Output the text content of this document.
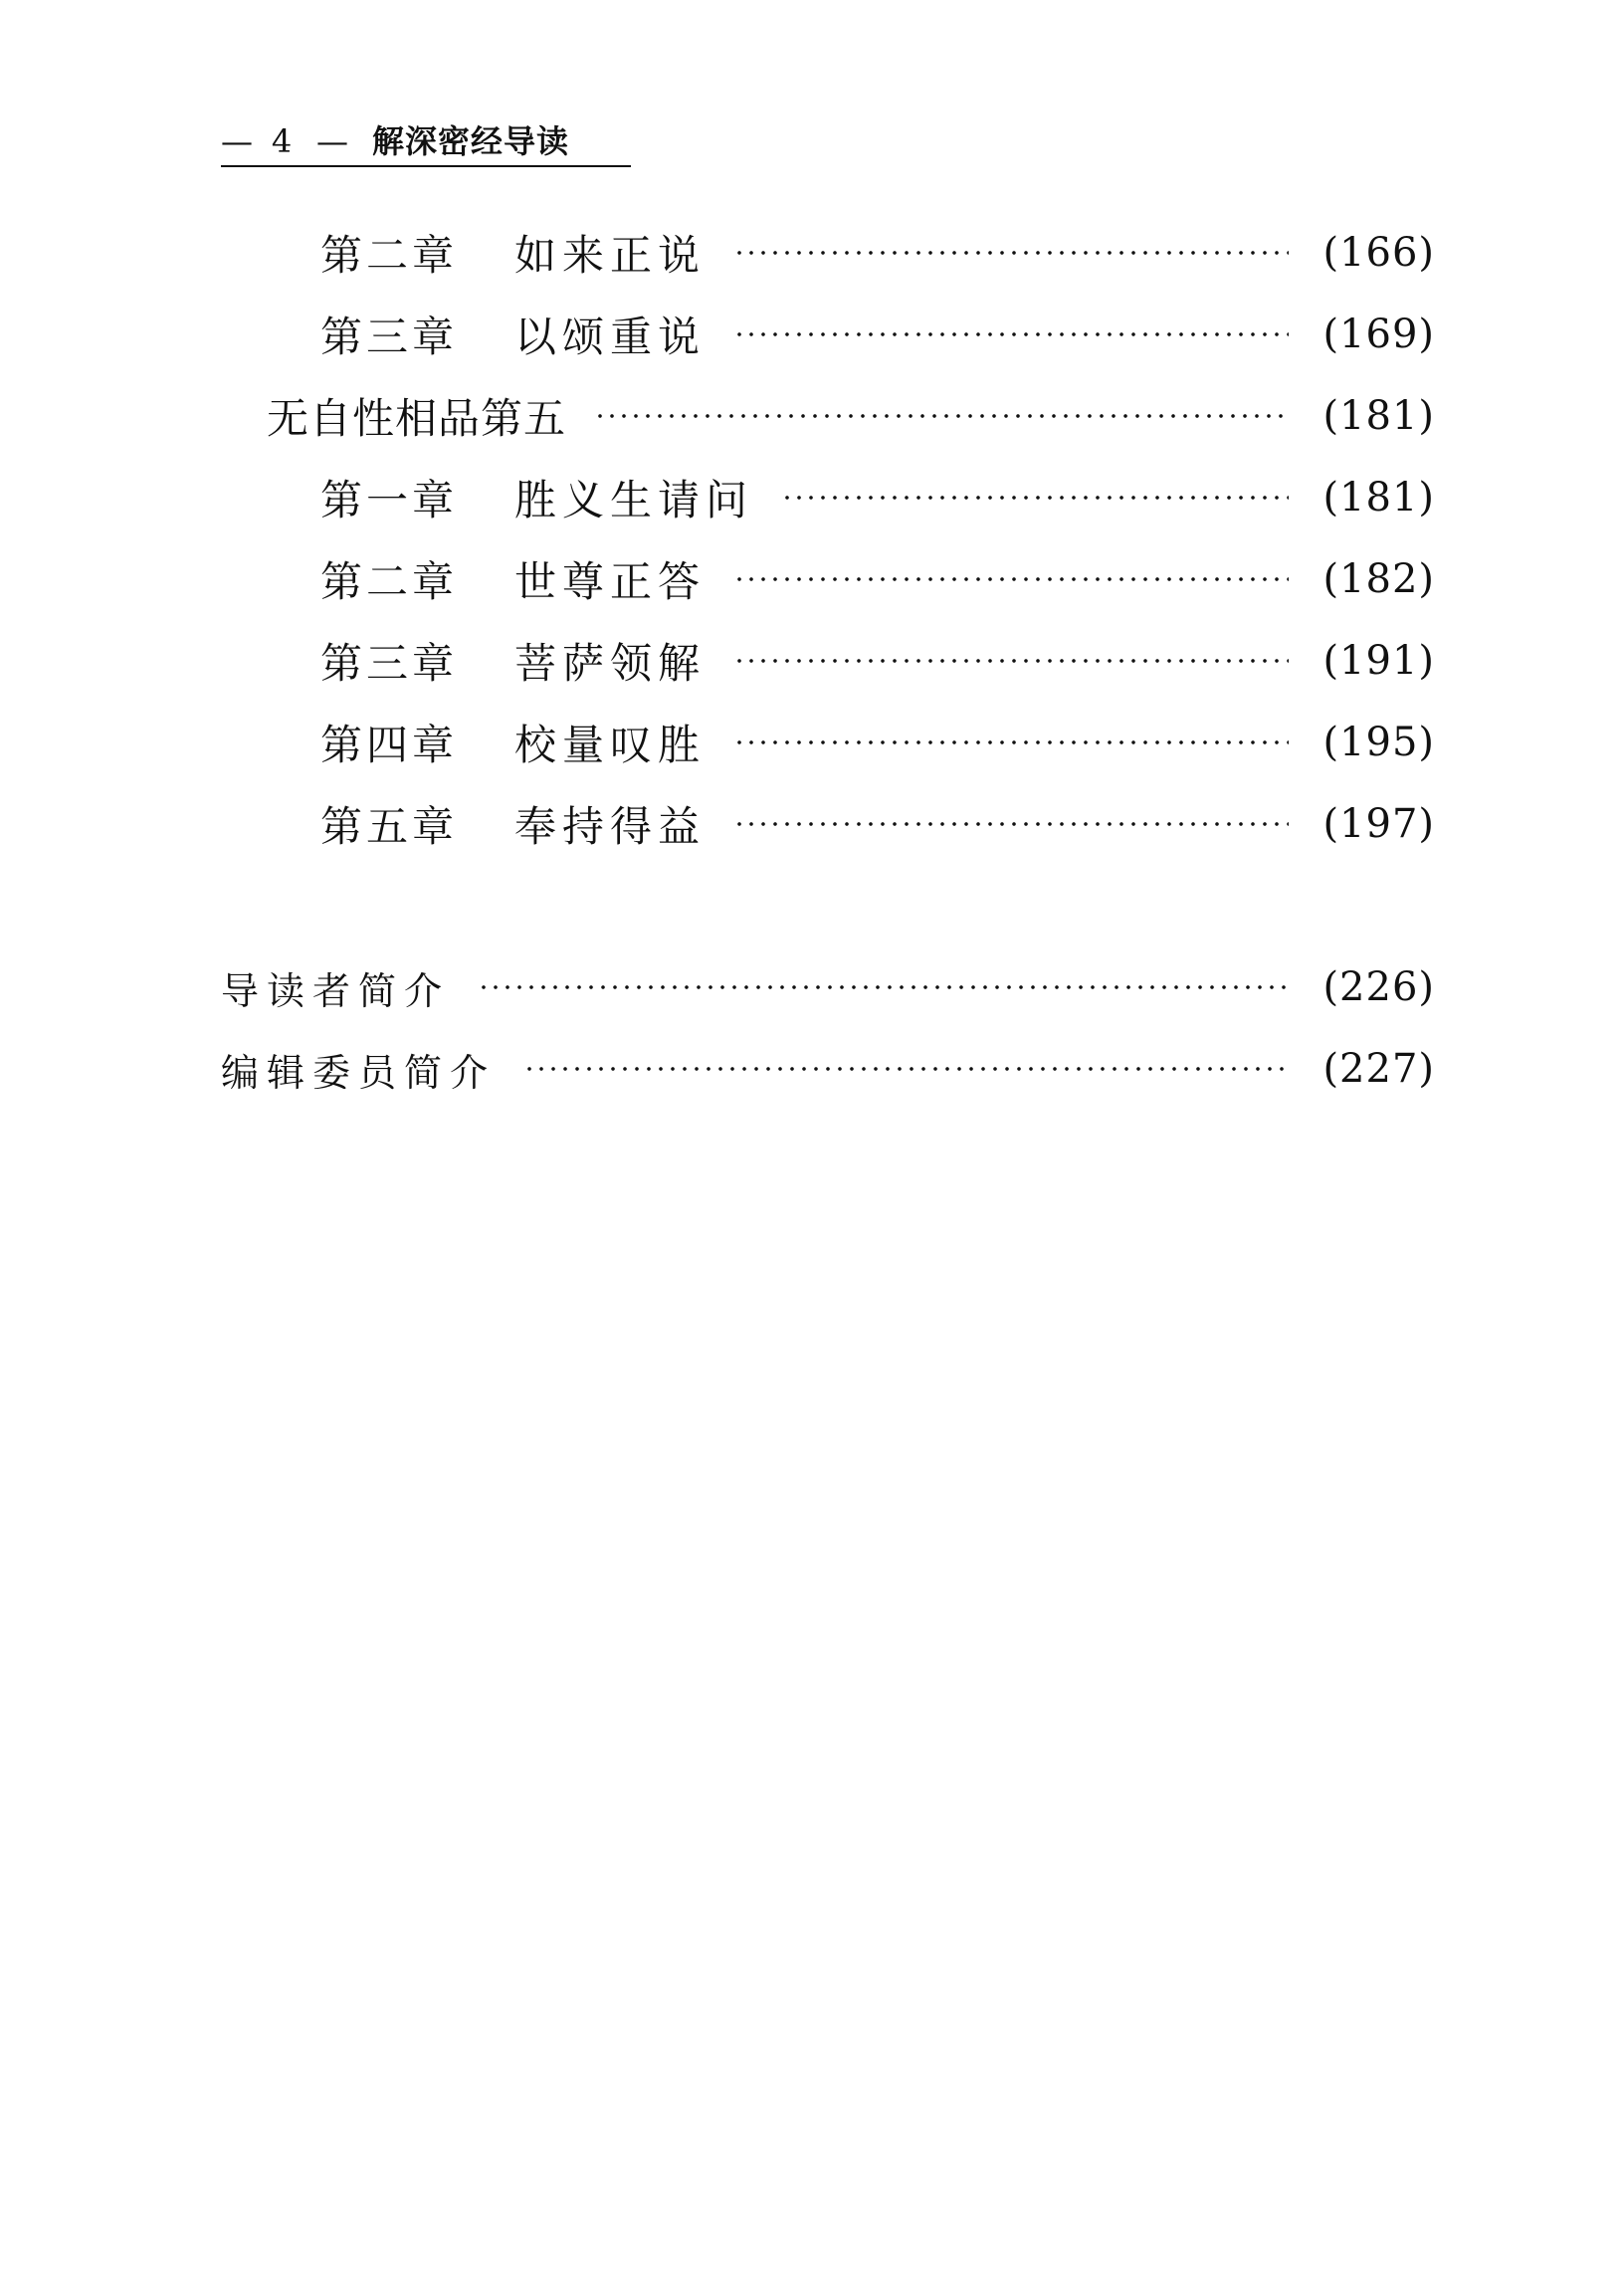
— 4 — 解深密经导读
第二章	如来正说	(166)
第三章	以颂重说	(169)
无自性相品第五	(181)
第一章	胜义生请问	(181)
第二章	世尊正答	(182)
第三章	菩萨领解	(191)
第四章	校量叹胜	(195)
第五章	奉持得益	(197)
导读者简介	(226)
编辑委员简介	(227)
